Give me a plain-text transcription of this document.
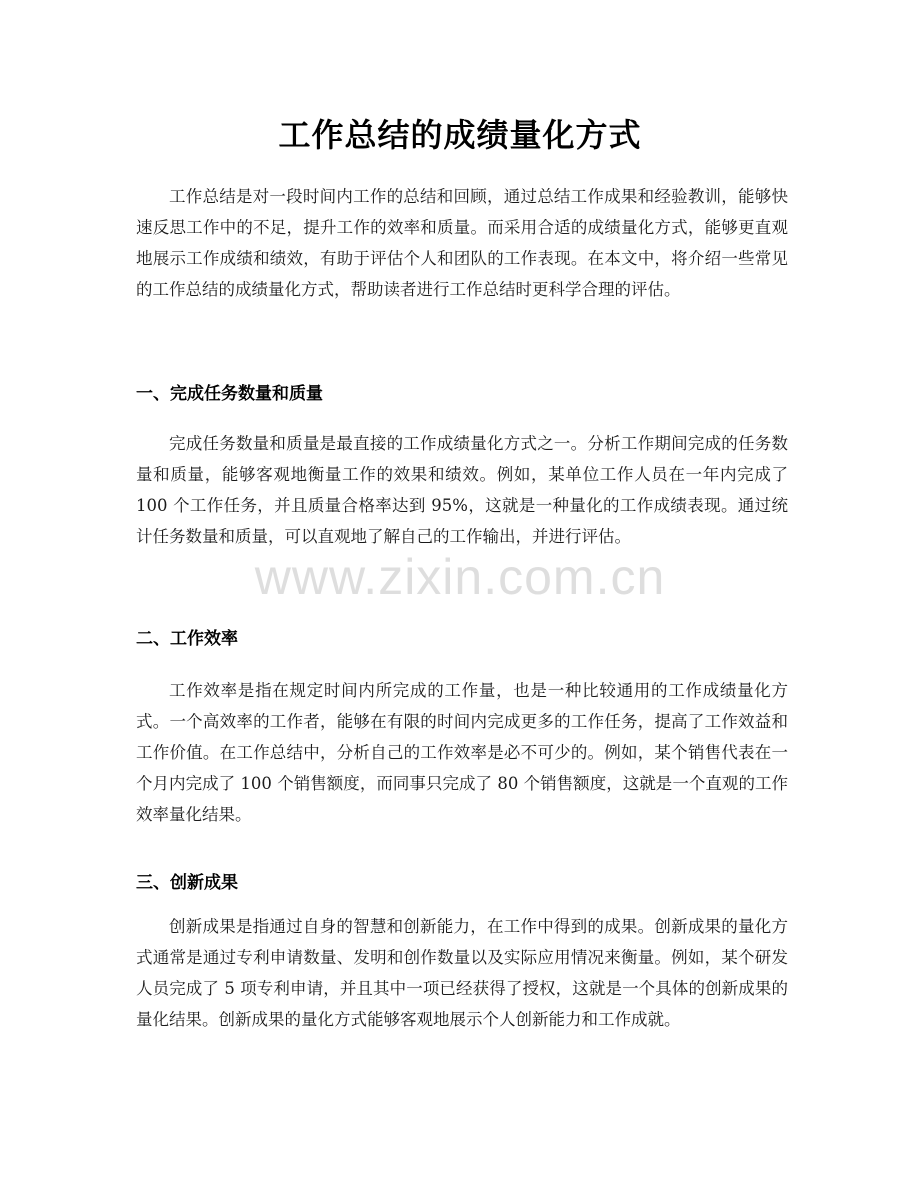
工作总结的成绩量化方式
工作总结是对一段时间内工作的总结和回顾，通过总结工作成果和经验教训，能够快速反思工作中的不足，提升工作的效率和质量。而采用合适的成绩量化方式，能够更直观地展示工作成绩和绩效，有助于评估个人和团队的工作表现。在本文中，将介绍一些常见的工作总结的成绩量化方式，帮助读者进行工作总结时更科学合理的评估。
一、完成任务数量和质量
完成任务数量和质量是最直接的工作成绩量化方式之一。分析工作期间完成的任务数量和质量，能够客观地衡量工作的效果和绩效。例如，某单位工作人员在一年内完成了 100 个工作任务，并且质量合格率达到 95%，这就是一种量化的工作成绩表现。通过统计任务数量和质量，可以直观地了解自己的工作输出，并进行评估。
二、工作效率
工作效率是指在规定时间内所完成的工作量，也是一种比较通用的工作成绩量化方式。一个高效率的工作者，能够在有限的时间内完成更多的工作任务，提高了工作效益和工作价值。在工作总结中，分析自己的工作效率是必不可少的。例如，某个销售代表在一个月内完成了 100 个销售额度，而同事只完成了 80 个销售额度，这就是一个直观的工作效率量化结果。
三、创新成果
创新成果是指通过自身的智慧和创新能力，在工作中得到的成果。创新成果的量化方式通常是通过专利申请数量、发明和创作数量以及实际应用情况来衡量。例如，某个研发人员完成了 5 项专利申请，并且其中一项已经获得了授权，这就是一个具体的创新成果的量化结果。创新成果的量化方式能够客观地展示个人创新能力和工作成就。
www.zixin.com.cn
